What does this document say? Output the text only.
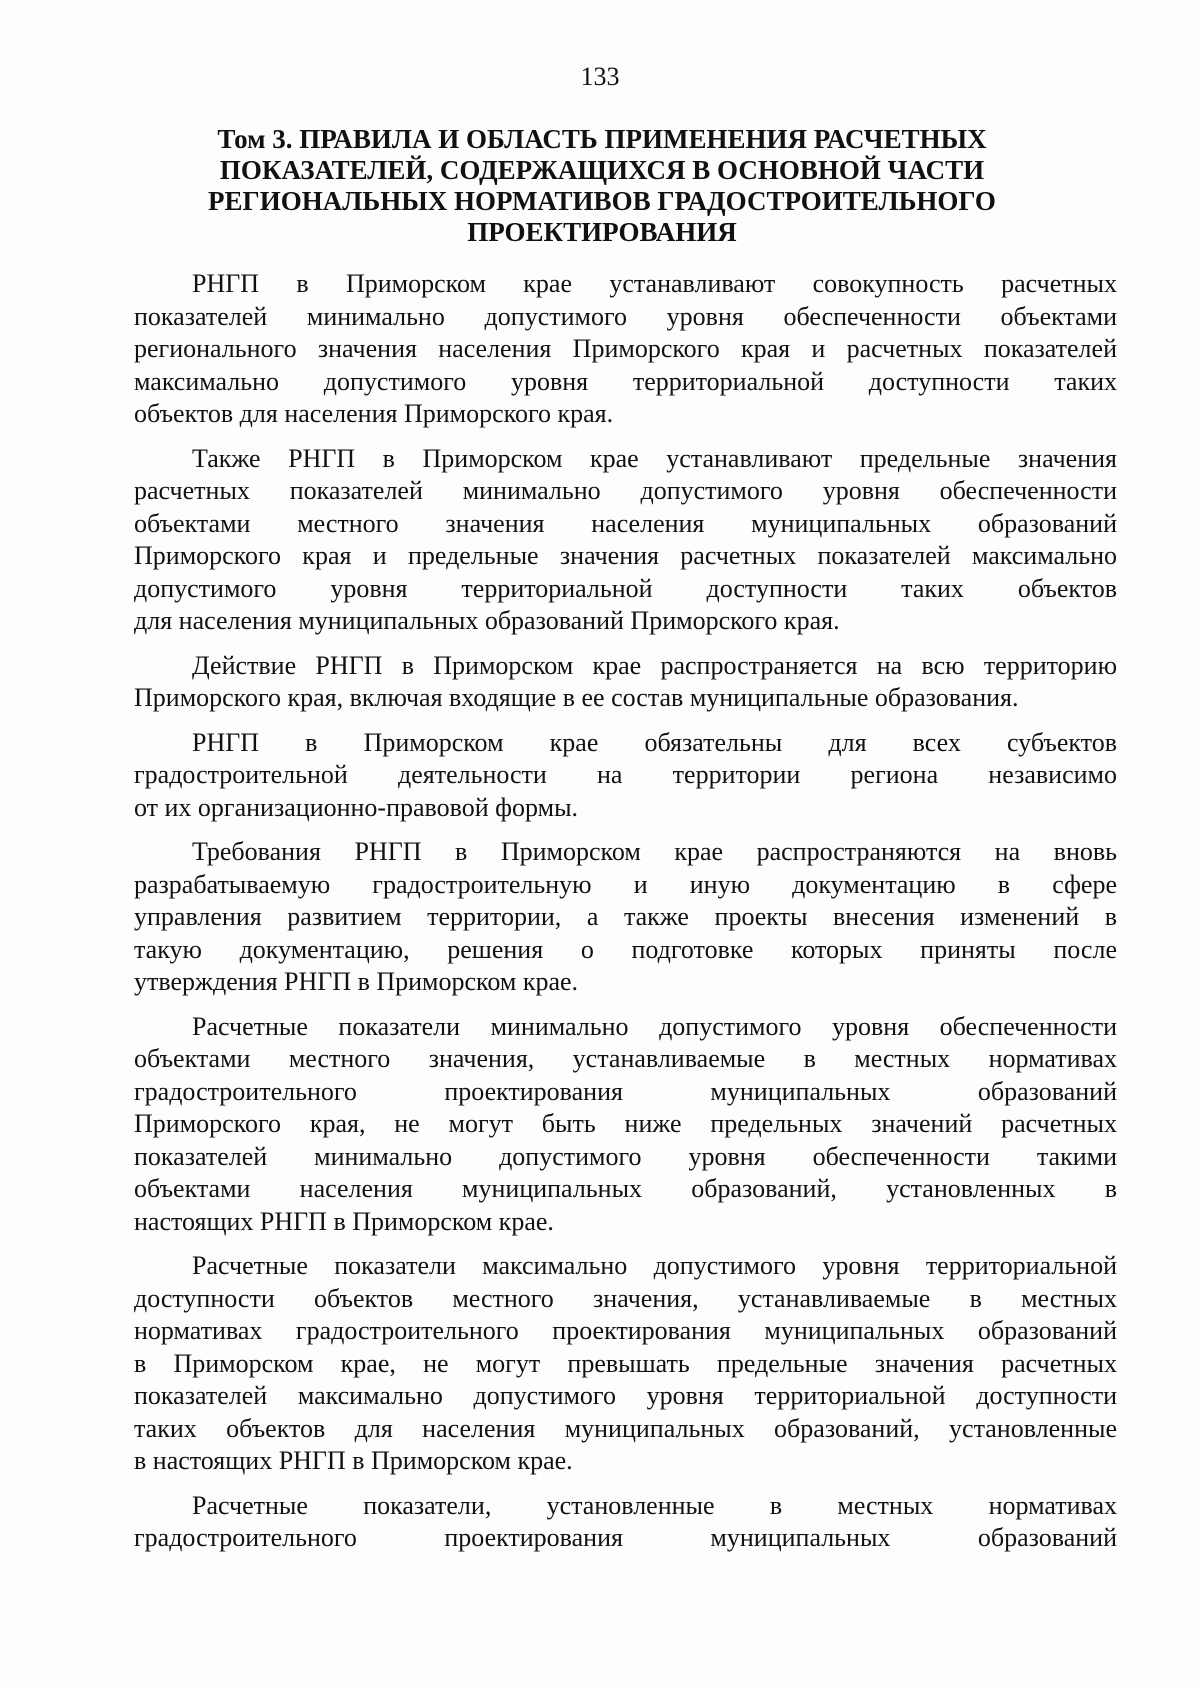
133
Том 3. ПРАВИЛА И ОБЛАСТЬ ПРИМЕНЕНИЯ РАСЧЕТНЫХ
ПОКАЗАТЕЛЕЙ, СОДЕРЖАЩИХСЯ В ОСНОВНОЙ ЧАСТИ
РЕГИОНАЛЬНЫХ НОРМАТИВОВ ГРАДОСТРОИТЕЛЬНОГО
ПРОЕКТИРОВАНИЯ

РНГП в Приморском крае устанавливают совокупность расчетных
показателей минимально допустимого уровня обеспеченности объектами
регионального значения населения Приморского края и расчетных показателей
максимально допустимого уровня территориальной доступности таких
объектов для населения Приморского края.

Также РНГП в Приморском крае устанавливают предельные значения
расчетных показателей минимально допустимого уровня обеспеченности
объектами местного значения населения муниципальных образований
Приморского края и предельные значения расчетных показателей максимально
допустимого уровня территориальной доступности таких объектов
для населения муниципальных образований Приморского края.

Действие РНГП в Приморском крае распространяется на всю территорию
Приморского края, включая входящие в ее состав муниципальные образования.

РНГП в Приморском крае обязательны для всех субъектов
градостроительной деятельности на территории региона независимо
от их организационно-правовой формы.

Требования РНГП в Приморском крае распространяются на вновь
разрабатываемую градостроительную и иную документацию в сфере
управления развитием территории, а также проекты внесения изменений в
такую документацию, решения о подготовке которых приняты после
утверждения РНГП в Приморском крае.

Расчетные показатели минимально допустимого уровня обеспеченности
объектами местного значения, устанавливаемые в местных нормативах
градостроительного проектирования муниципальных образований
Приморского края, не могут быть ниже предельных значений расчетных
показателей минимально допустимого уровня обеспеченности такими
объектами населения муниципальных образований, установленных в
настоящих РНГП в Приморском крае.

Расчетные показатели максимально допустимого уровня территориальной
доступности объектов местного значения, устанавливаемые в местных
нормативах градостроительного проектирования муниципальных образований
в Приморском крае, не могут превышать предельные значения расчетных
показателей максимально допустимого уровня территориальной доступности
таких объектов для населения муниципальных образований, установленные
в настоящих РНГП в Приморском крае.

Расчетные показатели, установленные в местных нормативах
градостроительного проектирования муниципальных образований
